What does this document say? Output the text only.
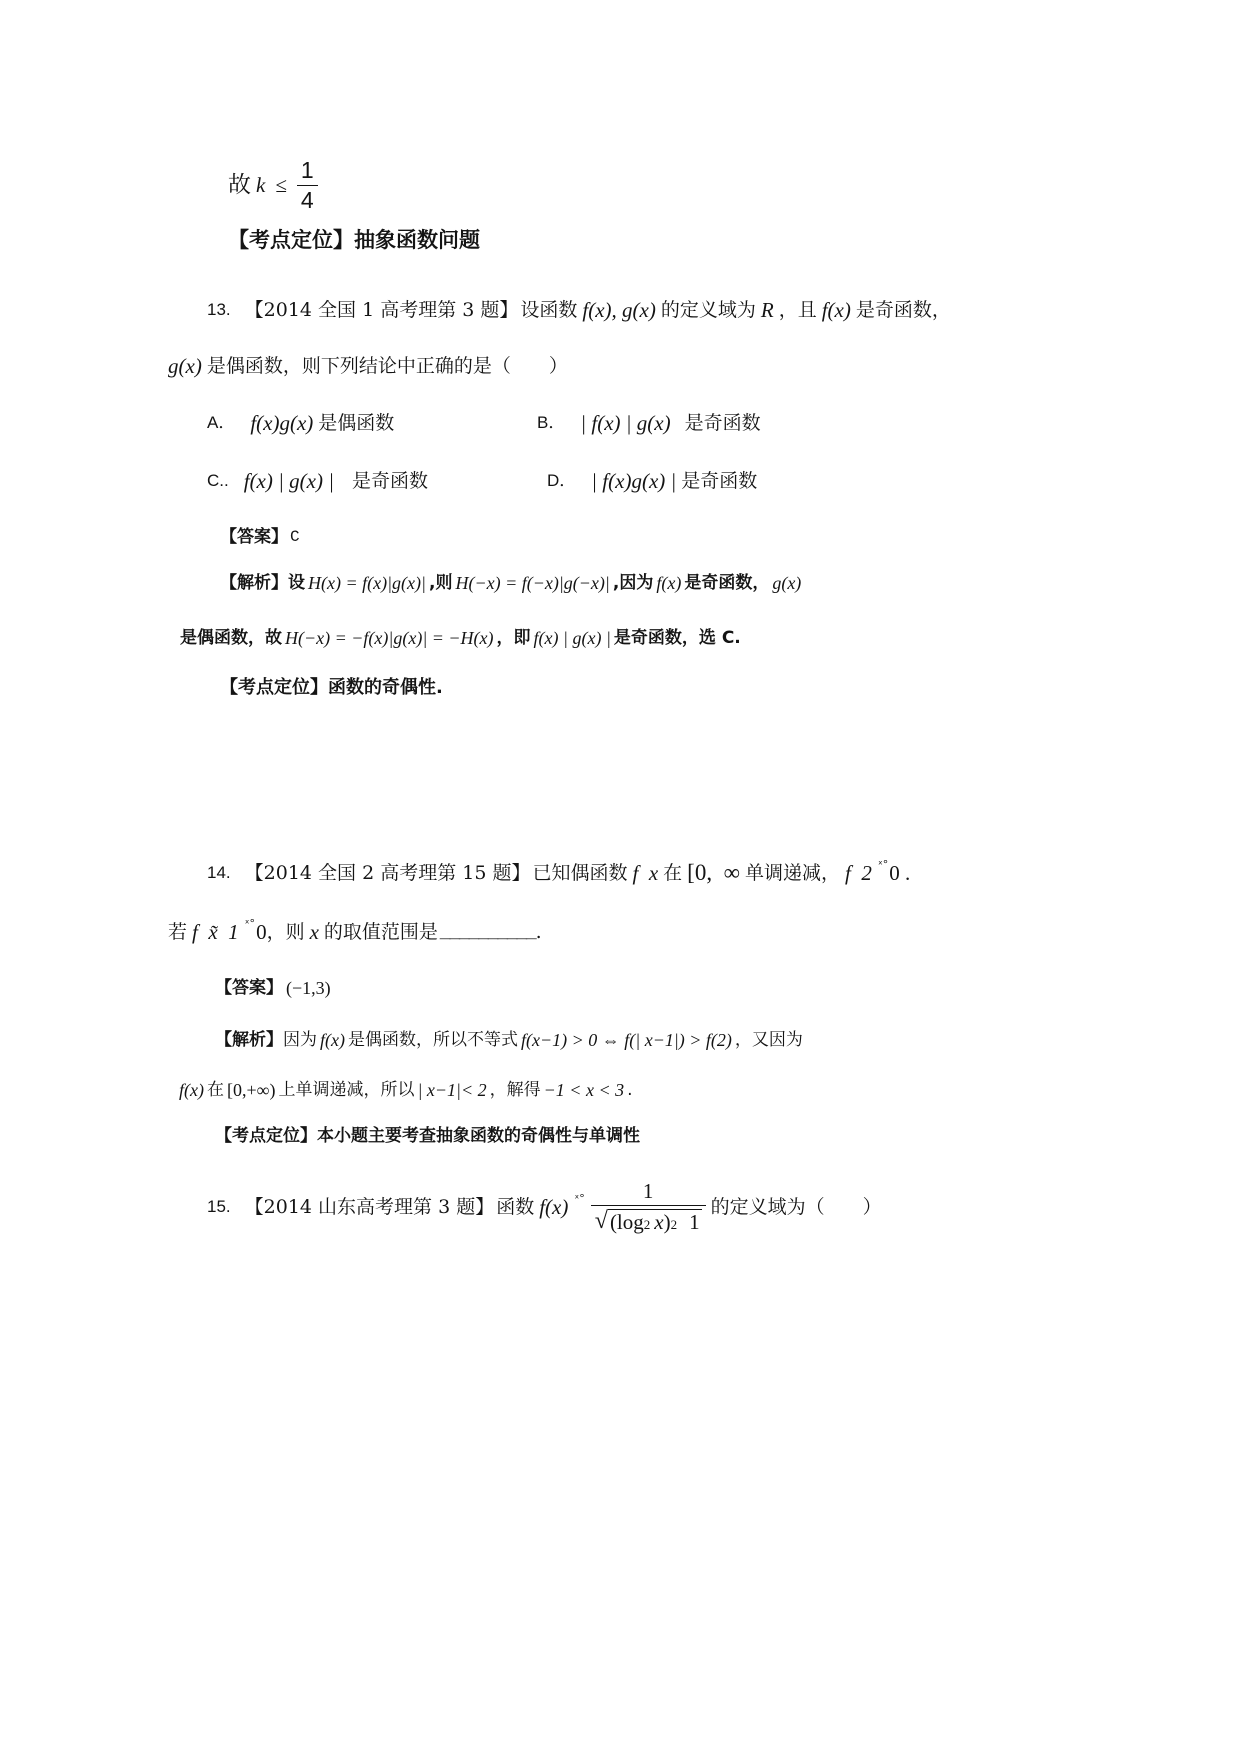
故 $k \le \frac{1}{4}$
【考点定位】抽象函数问题
13. 【2014 全国 1 高考理第 3 题】 设函数 f(x), g(x) 的定义域为 R ，且 f(x) 是奇函数，
g(x) 是偶函数，则下列结论中正确的是（　　）
A． f(x)g(x) 是偶函数	B． | f(x) | g(x) 是奇函数
C.. f(x) | g(x) | 是奇函数	D． | f(x)g(x) | 是奇函数
【答案】 C
【解析】 设 H(x) = f(x)|g(x)| ,则 H(−x) = f(−x)|g(−x)| ,因为 f(x) 是奇函数， g(x)
是偶函数，故 H(−x) = −f(x)|g(x)| = −H(x) ，即 f(x) | g(x) | 是奇函数，选 C.
【考点定位】函数的奇偶性.
14. 【2014 全国 2 高考理第 15 题】 已知偶函数 f  x 在 [0,  ∞ 单调递减， f  2 ˣ° 0 .
若 f  x̃  1 ˣ° 0 ，则 x 的取值范围是 __________ .
【答案】 (−1,3)
【解析】 因为 f(x) 是偶函数，所以不等式 f(x−1) > 0 ⇔ f(| x−1|) > f(2) ，又因为
f(x) 在 [0,+∞) 上单调递减，所以 | x−1|< 2 ，解得 −1 < x < 3 .
【考点定位】本小题主要考查抽象函数的奇偶性与单调性
15. 【2014 山东高考理第 3 题】 函数 f(x) ˣ°	1
√ (log 2 x ) 2 1
的定义域为（　　）
